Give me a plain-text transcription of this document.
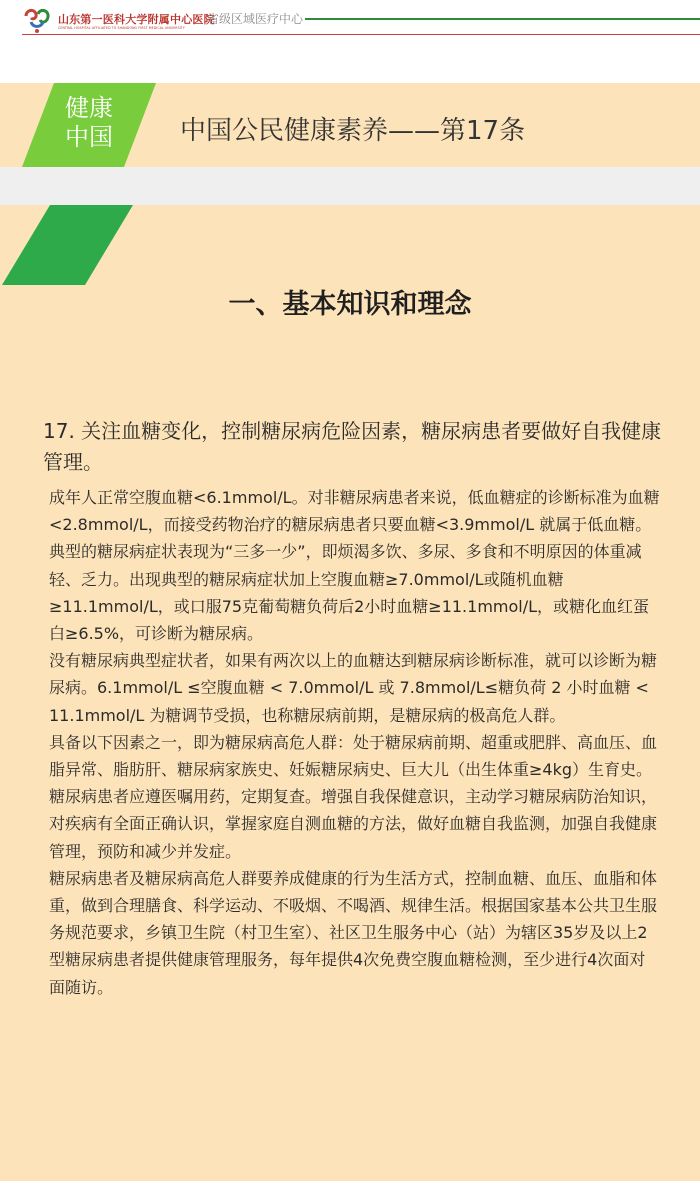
山东第一医科大学附属中心医院
CENTRAL HOSPITAL AFFILIATED TO SHANDONG FIRST MEDICAL UNIVERSITY
省级区域医疗中心
健康
中国	中国公民健康素养——第17条
一、基本知识和理念
17. 关注血糖变化，控制糖尿病危险因素，糖尿病患者要做好自我健康管理。

成年人正常空腹血糖<6.1mmol/L。对非糖尿病患者来说，低血糖症的诊断标准为血糖<2.8mmol/L，而接受药物治疗的糖尿病患者只要血糖<3.9mmol/L 就属于低血糖。典型的糖尿病症状表现为“三多一少”，即烦渴多饮、多尿、多食和不明原因的体重减轻、乏力。出现典型的糖尿病症状加上空腹血糖≥7.0mmol/L或随机血糖≥11.1mmol/L，或口服75克葡萄糖负荷后2小时血糖≥11.1mmol/L，或糖化血红蛋白≥6.5%，可诊断为糖尿病。

没有糖尿病典型症状者，如果有两次以上的血糖达到糖尿病诊断标准，就可以诊断为糖尿病。6.1mmol/L ≤空腹血糖 < 7.0mmol/L 或 7.8mmol/L≤糖负荷 2 小时血糖 < 11.1mmol/L 为糖调节受损，也称糖尿病前期，是糖尿病的极高危人群。

具备以下因素之一，即为糖尿病高危人群：处于糖尿病前期、超重或肥胖、高血压、血脂异常、脂肪肝、糖尿病家族史、妊娠糖尿病史、巨大儿（出生体重≥4kg）生育史。糖尿病患者应遵医嘱用药，定期复查。增强自我保健意识，主动学习糖尿病防治知识，对疾病有全面正确认识，掌握家庭自测血糖的方法，做好血糖自我监测，加强自我健康管理，预防和减少并发症。

糖尿病患者及糖尿病高危人群要养成健康的行为生活方式，控制血糖、血压、血脂和体重，做到合理膳食、科学运动、不吸烟、不喝酒、规律生活。根据国家基本公共卫生服务规范要求，乡镇卫生院（村卫生室）、社区卫生服务中心（站）为辖区35岁及以上2型糖尿病患者提供健康管理服务，每年提供4次免费空腹血糖检测，至少进行4次面对面随访。
